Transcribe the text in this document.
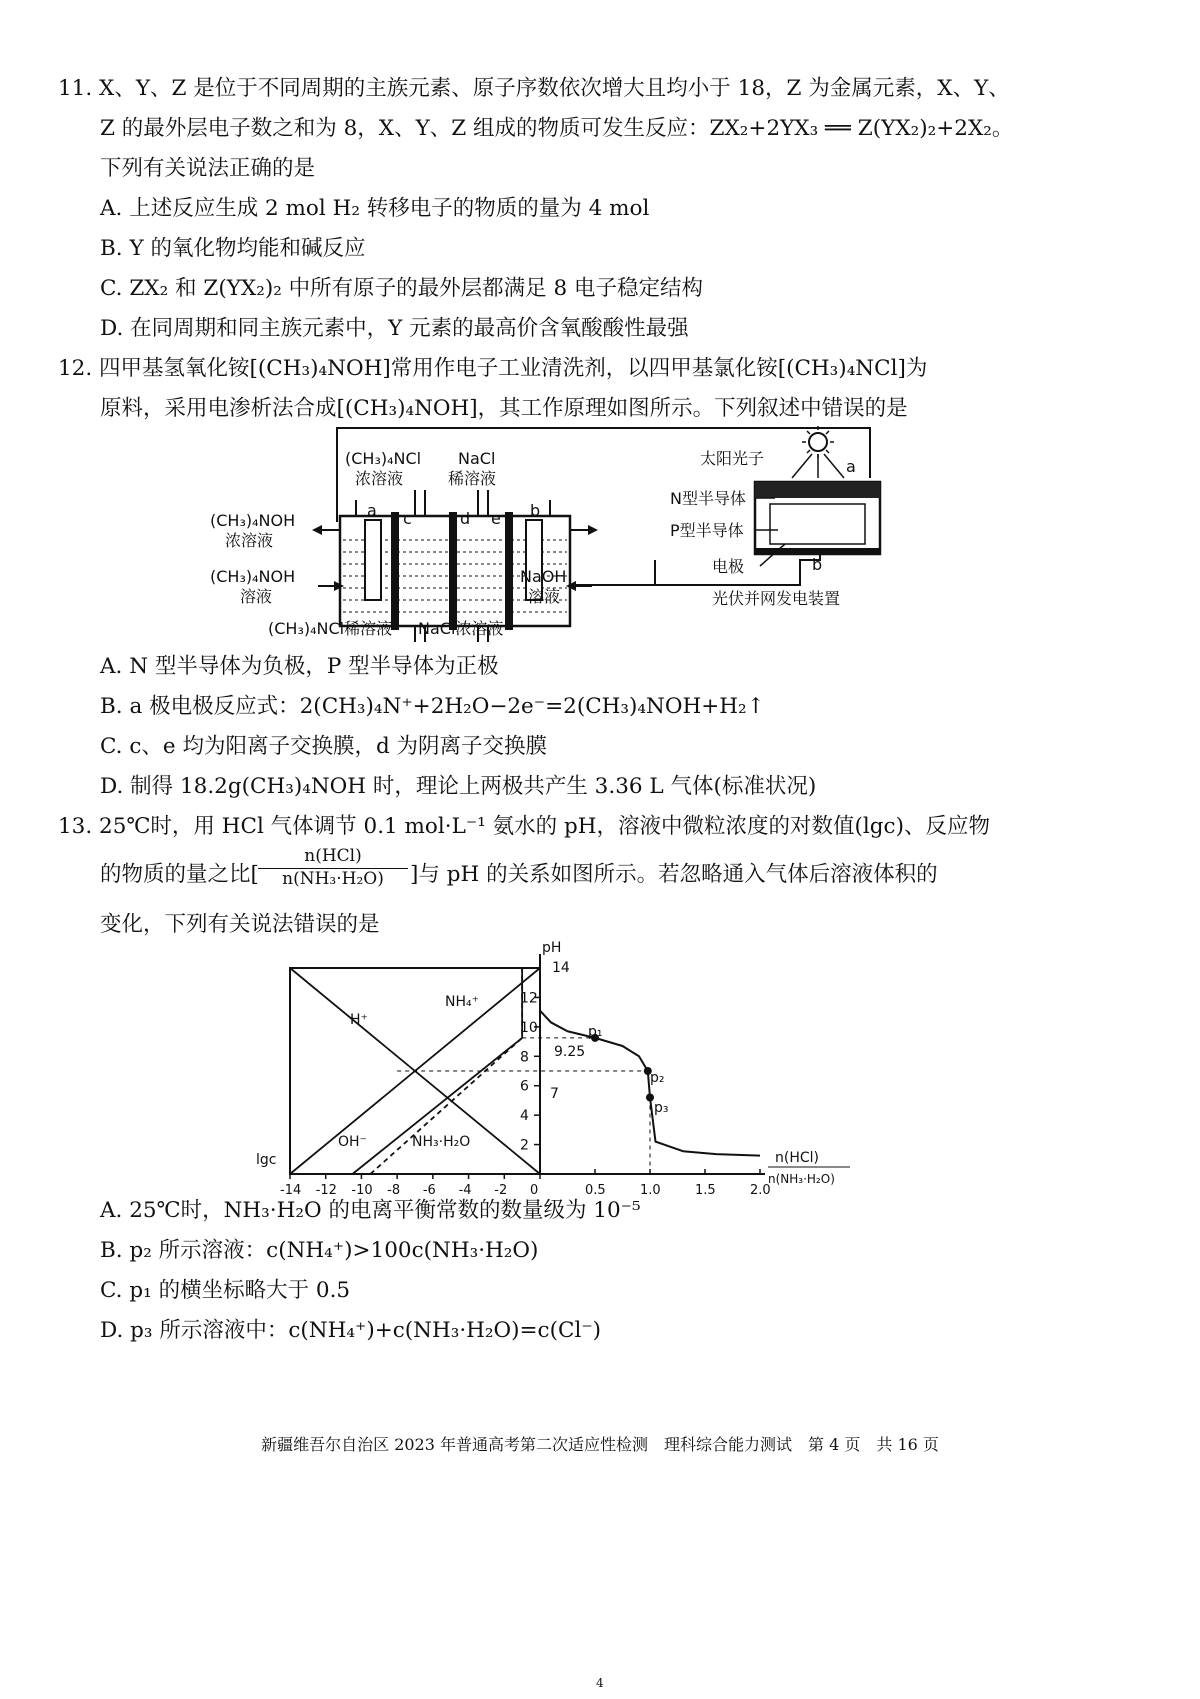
11. X、Y、Z 是位于不同周期的主族元素、原子序数依次增大且均小于 18，Z 为金属元素，X、Y、
Z 的最外层电子数之和为 8，X、Y、Z 组成的物质可发生反应：ZX₂+2YX₃ ══ Z(YX₂)₂+2X₂。
下列有关说法正确的是
A. 上述反应生成 2 mol H₂ 转移电子的物质的量为 4 mol
B. Y 的氧化物均能和碱反应
C. ZX₂ 和 Z(YX₂)₂ 中所有原子的最外层都满足 8 电子稳定结构
D. 在同周期和同主族元素中，Y 元素的最高价含氧酸酸性最强
12. 四甲基氢氧化铵[(CH₃)₄NOH]常用作电子工业清洗剂，以四甲基氯化铵[(CH₃)₄NCl]为
原料，采用电渗析法合成[(CH₃)₄NOH]，其工作原理如图所示。下列叙述中错误的是
(CH₃)₄NCl
浓溶液
NaCl
稀溶液
(CH₃)₄NOH
浓溶液
(CH₃)₄NOH
溶液
NaOH
溶液
(CH₃)₄NCl稀溶液 NaCl浓溶液
a	b
c	d e
太阳光子	a
N型半导体
P型半导体
电极	b
光伏并网发电装置
A. N 型半导体为负极，P 型半导体为正极
B. a 极电极反应式：2(CH₃)₄N⁺+2H₂O−2e⁻=2(CH₃)₄NOH+H₂↑
C. c、e 均为阳离子交换膜，d 为阴离子交换膜
D. 制得 18.2g(CH₃)₄NOH 时，理论上两极共产生 3.36 L 气体(标准状况)
13. 25℃时，用 HCl 气体调节 0.1 mol·L⁻¹ 氨水的 pH，溶液中微粒浓度的对数值(lgc)、反应物
的物质的量之比[
n(HCl)
n(NH₃·H₂O)	]与 pH 的关系如图所示。若忽略通入气体后溶液体积的
变化，下列有关说法错误的是
12
10
8
6
4
2
-14 -12 -10 -8 -6 -4 -2 0	0.5	1.0	1.5	2.0
pH
14
lgc
H⁺
NH₄⁺
OH⁻	NH₃·H₂O
9.25
7
p₁
p₂
p₃
n(HCl)
n(NH₃·H₂O)
A. 25℃时，NH₃·H₂O 的电离平衡常数的数量级为 10⁻⁵
B. p₂ 所示溶液：c(NH₄⁺)>100c(NH₃·H₂O)
C. p₁ 的横坐标略大于 0.5
D. p₃ 所示溶液中：c(NH₄⁺)+c(NH₃·H₂O)=c(Cl⁻)
新疆维吾尔自治区 2023 年普通高考第二次适应性检测　理科综合能力测试　第 4 页　共 16 页
4
